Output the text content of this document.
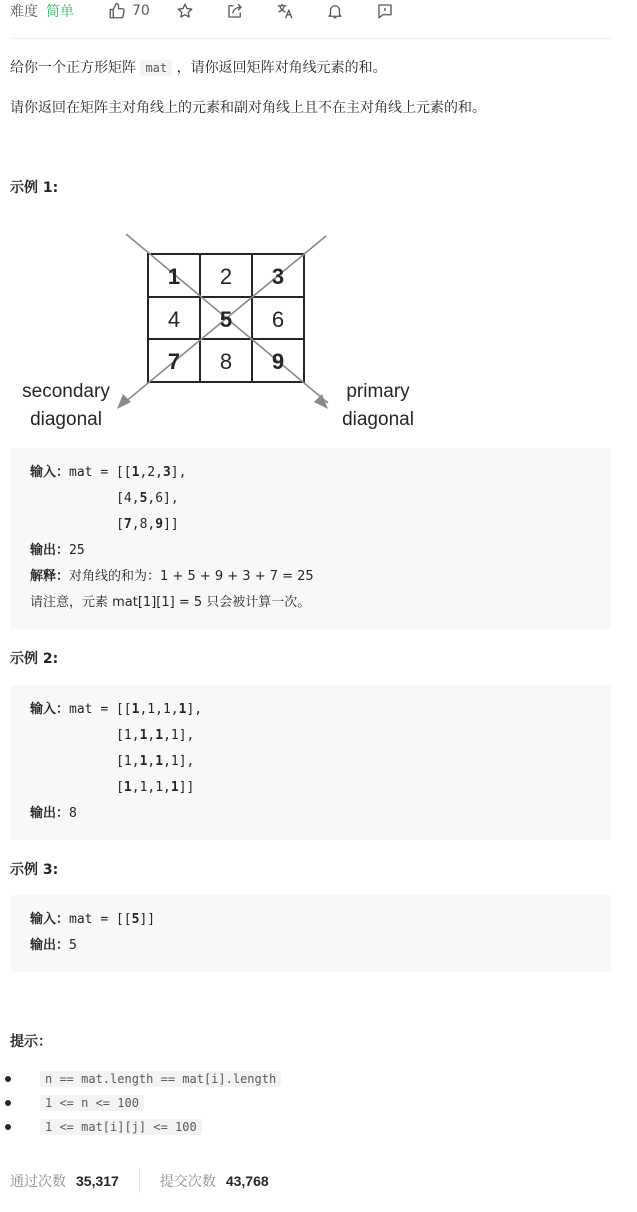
难度 简单	70
给你一个正方形矩阵 mat ，请你返回矩阵对角线元素的和。
请你返回在矩阵主对角线上的元素和副对角线上且不在主对角线上元素的和。
示例 1:
1 2 3
4 5 6
7 8 9
secondary
diagonal
primary
diagonal
输入：mat = [[1,2,3],
[4,5,6],
[7,8,9]]
输出：25
解释：对角线的和为：1 + 5 + 9 + 3 + 7 = 25
请注意，元素 mat[1][1] = 5 只会被计算一次。
示例 2:
输入：mat = [[1,1,1,1],
[1,1,1,1],
[1,1,1,1],
[1,1,1,1]]
输出：8
示例 3:
输入：mat = [[5]]
输出：5
提示：
n == mat.length == mat[i].length
1 <= n <= 100
1 <= mat[i][j] <= 100
通过次数 35,317	提交次数 43,768
